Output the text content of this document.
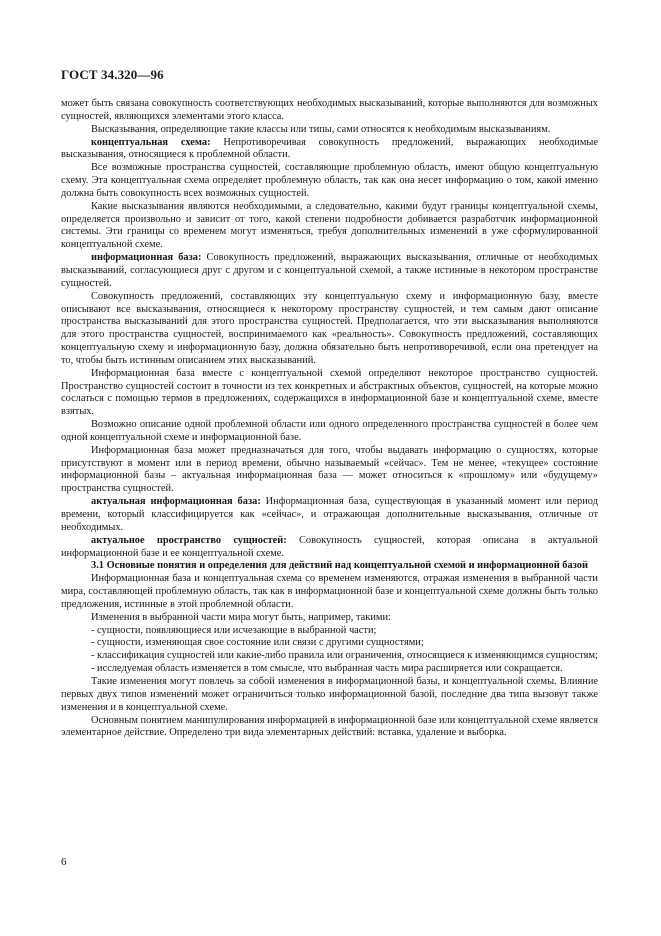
ГОСТ 34.320—96

может быть связана совокупность соответствующих необходимых высказываний, которые выполняются для возможных сущностей, являющихся элементами этого класса.

Высказывания, определяющие такие классы или типы, сами относятся к необходимым высказываниям.

концептуальная схема: Непротиворечивая совокупность предложений, выражающих необходимые высказывания, относящиеся к проблемной области.

Все возможные пространства сущностей, составляющие проблемную область, имеют общую концептуальную схему. Эта концептуальная схема определяет проблемную область, так как она несет информацию о том, какой именно должна быть совокупность всех возможных сущностей.

Какие высказывания являются необходимыми, а следовательно, какими будут границы концептуальной схемы, определяется произвольно и зависит от того, какой степени подробности добивается разработчик информационной системы. Эти границы со временем могут изменяться, требуя дополнительных изменений в уже сформулированной концептуальной схеме.

информационная база: Совокупность предложений, выражающих высказывания, отличные от необходимых высказываний, согласующиеся друг с другом и с концептуальной схемой, а также истинные в некотором пространстве сущностей.

Совокупность предложений, составляющих эту концептуальную схему и информационную базу, вместе описывают все высказывания, относящиеся к некоторому пространству сущностей, и тем самым дают описание пространства высказываний для этого пространства сущностей. Предполагается, что эти высказывания выполняются для этого пространства сущностей, воспринимаемого как «реальность». Совокупность предложений, составляющих концептуальную схему и информационную базу, должна обязательно быть непротиворечивой, если она претендует на то, чтобы быть истинным описанием этих высказываний.

Информационная база вместе с концептуальной схемой определяют некоторое пространство сущностей. Пространство сущностей состоит в точности из тех конкретных и абстрактных объектов, сущностей, на которые можно сослаться с помощью термов в предложениях, содержащихся в информационной базе и концептуальной схеме, вместе взятых.

Возможно описание одной проблемной области или одного определенного пространства сущностей в более чем одной концептуальной схеме и информационной базе.

Информационная база может предназначаться для того, чтобы выдавать информацию о сущностях, которые присутствуют в момент или в период времени, обычно называемый «сейчас». Тем не менее, «текущее» состояние информационной базы – актуальная информационная база — может относиться к «прошлому» или «будущему» пространства сущностей.

актуальная информационная база: Информационная база, существующая в указанный момент или период времени, который классифицируется как «сейчас», и отражающая дополнительные высказывания, отличные от необходимых.

актуальное пространство сущностей: Совокупность сущностей, которая описана в актуальной информационной базе и ее концептуальной схеме.

3.1 Основные понятия и определения для действий над концептуальной схемой и информационной базой

Информационная база и концептуальная схема со временем изменяются, отражая изменения в выбранной части мира, составляющей проблемную область, так как в информационной базе и концептуальной схеме должны быть только предложения, истинные в этой проблемной области.

Изменения в выбранной части мира могут быть, например, такими:

- сущности, появляющиеся или исчезающие в выбранной части;

- сущности, изменяющая свое состояние или связи с другими сущностями;

- классификация сущностей или какие-либо правила или ограничения, относящиеся к изменяющимся сущностям;

- исследуемая область изменяется в том смысле, что выбранная часть мира расширяется или сокращается.

Такие изменения могут повлечь за собой изменения в информационной базы, и концептуальной схемы. Влияние первых двух типов изменений может ограничиться только информационной базой, последние два типа вызовут также изменения и в концептуальной схеме.

Основным понятием манипулирования информацией в информационной базе или концептуальной схеме является элементарное действие. Определено три вида элементарных действий: вставка, удаление и выборка.

6
